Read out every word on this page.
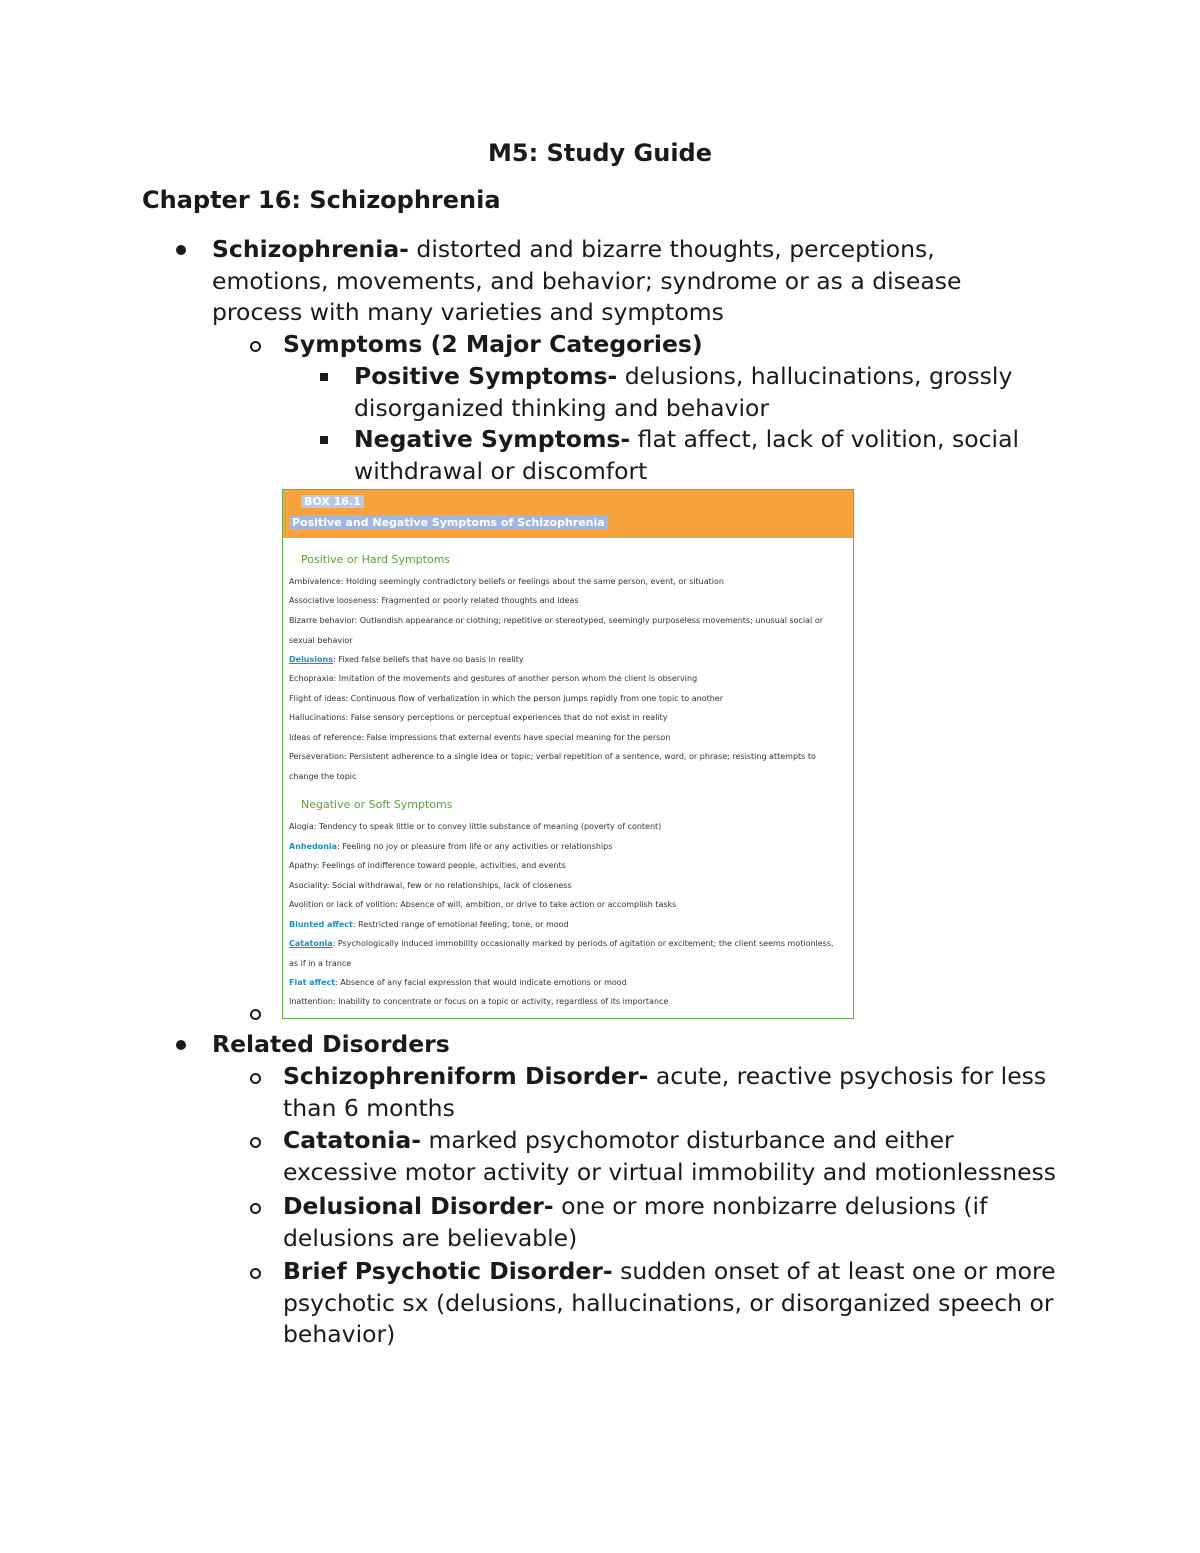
M5: Study Guide
Chapter 16: Schizophrenia
Schizophrenia- distorted and bizarre thoughts, perceptions, emotions, movements, and behavior; syndrome or as a disease process with many varieties and symptoms
Symptoms (2 Major Categories)
Positive Symptoms- delusions, hallucinations, grossly disorganized thinking and behavior
Negative Symptoms- flat affect, lack of volition, social withdrawal or discomfort
BOX 16.1
Positive and Negative Symptoms of Schizophrenia
Positive or Hard Symptoms
Ambivalence: Holding seemingly contradictory beliefs or feelings about the same person, event, or situation
Associative looseness: Fragmented or poorly related thoughts and ideas
Bizarre behavior: Outlandish appearance or clothing; repetitive or stereotyped, seemingly purposeless movements; unusual social or sexual behavior
Delusions: Fixed false beliefs that have no basis in reality
Echopraxia: Imitation of the movements and gestures of another person whom the client is observing
Flight of ideas: Continuous flow of verbalization in which the person jumps rapidly from one topic to another
Hallucinations: False sensory perceptions or perceptual experiences that do not exist in reality
Ideas of reference: False impressions that external events have special meaning for the person
Perseveration: Persistent adherence to a single idea or topic; verbal repetition of a sentence, word, or phrase; resisting attempts to change the topic
Negative or Soft Symptoms
Alogia: Tendency to speak little or to convey little substance of meaning (poverty of content)
Anhedonia: Feeling no joy or pleasure from life or any activities or relationships
Apathy: Feelings of indifference toward people, activities, and events
Asociality: Social withdrawal, few or no relationships, lack of closeness
Avolition or lack of volition: Absence of will, ambition, or drive to take action or accomplish tasks
Blunted affect: Restricted range of emotional feeling, tone, or mood
Catatonia: Psychologically induced immobility occasionally marked by periods of agitation or excitement; the client seems motionless, as if in a trance
Flat affect: Absence of any facial expression that would indicate emotions or mood
Inattention: Inability to concentrate or focus on a topic or activity, regardless of its importance
Related Disorders
Schizophreniform Disorder- acute, reactive psychosis for less than 6 months
Catatonia- marked psychomotor disturbance and either excessive motor activity or virtual immobility and motionlessness
Delusional Disorder- one or more nonbizarre delusions (if delusions are believable)
Brief Psychotic Disorder- sudden onset of at least one or more psychotic sx (delusions, hallucinations, or disorganized speech or behavior)
